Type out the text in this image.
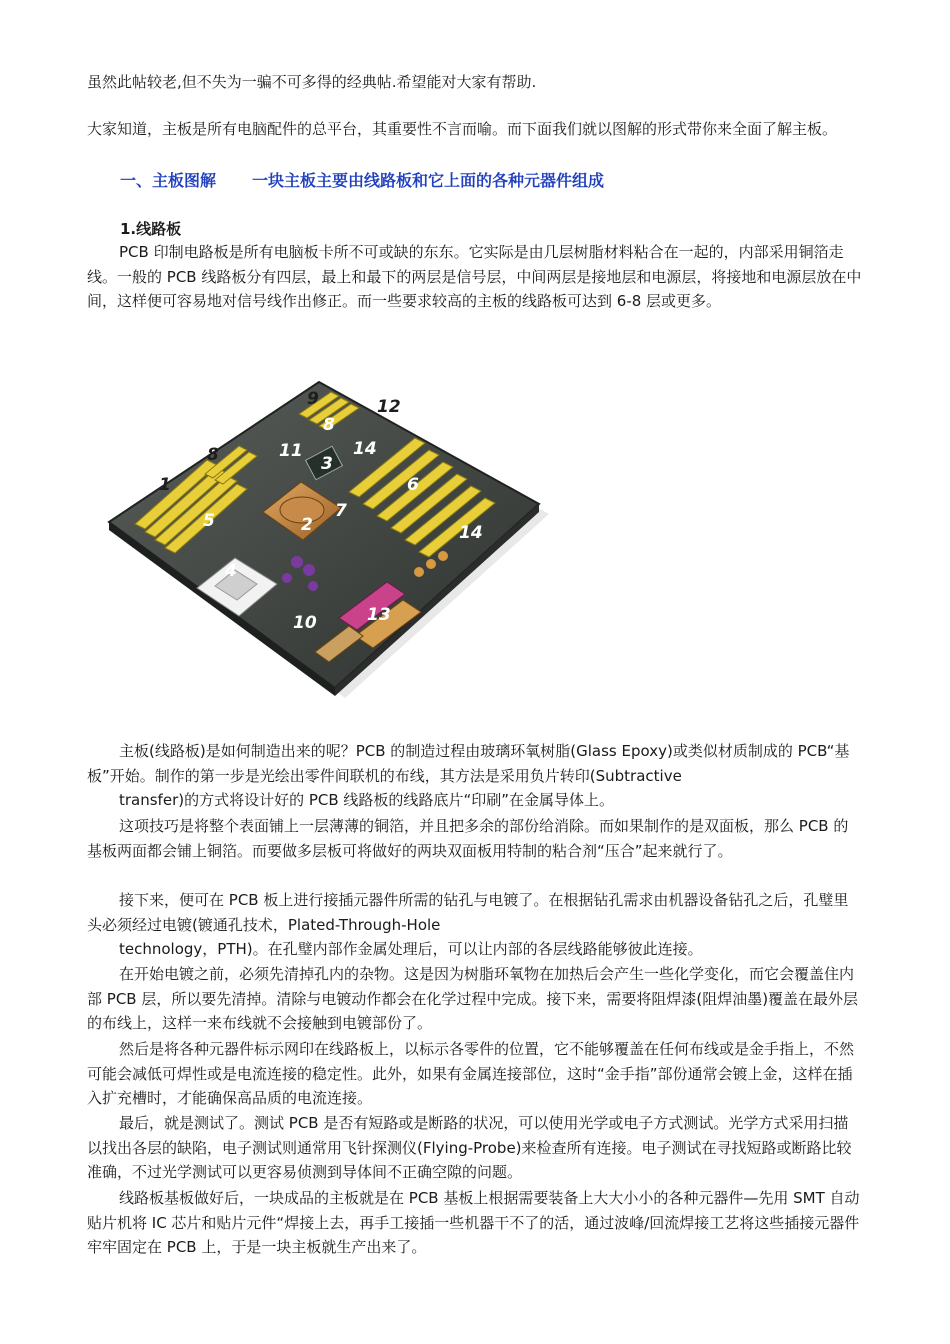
虽然此帖较老,但不失为一骗不可多得的经典帖.希望能对大家有帮助.

大家知道，主板是所有电脑配件的总平台，其重要性不言而喻。而下面我们就以图解的形式带你来全面了解主板。

一、主板图解 一块主板主要由线路板和它上面的各种元器件组成

1.线路板

PCB 印制电路板是所有电脑板卡所不可或缺的东东。它实际是由几层树脂材料粘合在一起的，内部采用铜箔走线。一般的 PCB 线路板分有四层，最上和最下的两层是信号层，中间两层是接地层和电源层，将接地和电源层放在中间，这样便可容易地对信号线作出修正。而一些要求较高的主板的线路板可达到 6-8 层或更多。

1
2
3
4
5
6
7
8
8
9
10
11
12
13
14
14

主板(线路板)是如何制造出来的呢？PCB 的制造过程由玻璃环氧树脂(Glass Epoxy)或类似材质制成的 PCB“基板”开始。制作的第一步是光绘出零件间联机的布线，其方法是采用负片转印(Subtractive
transfer)的方式将设计好的 PCB 线路板的线路底片“印刷”在金属导体上。

这项技巧是将整个表面铺上一层薄薄的铜箔，并且把多余的部份给消除。而如果制作的是双面板，那么 PCB 的基板两面都会铺上铜箔。而要做多层板可将做好的两块双面板用特制的粘合剂“压合”起来就行了。

接下来，便可在 PCB 板上进行接插元器件所需的钻孔与电镀了。在根据钻孔需求由机器设备钻孔之后，孔璧里头必须经过电镀(镀通孔技术，Plated-Through-Hole
technology，PTH)。在孔璧内部作金属处理后，可以让内部的各层线路能够彼此连接。

在开始电镀之前，必须先清掉孔内的杂物。这是因为树脂环氧物在加热后会产生一些化学变化，而它会覆盖住内部 PCB 层，所以要先清掉。清除与电镀动作都会在化学过程中完成。接下来，需要将阻焊漆(阻焊油墨)覆盖在最外层的布线上，这样一来布线就不会接触到电镀部份了。

然后是将各种元器件标示网印在线路板上，以标示各零件的位置，它不能够覆盖在任何布线或是金手指上，不然可能会减低可焊性或是电流连接的稳定性。此外，如果有金属连接部位，这时“金手指”部份通常会镀上金，这样在插入扩充槽时，才能确保高品质的电流连接。

最后，就是测试了。测试 PCB 是否有短路或是断路的状况，可以使用光学或电子方式测试。光学方式采用扫描以找出各层的缺陷，电子测试则通常用飞针探测仪(Flying-Probe)来检查所有连接。电子测试在寻找短路或断路比较准确，不过光学测试可以更容易侦测到导体间不正确空隙的问题。

线路板基板做好后，一块成品的主板就是在 PCB 基板上根据需要装备上大大小小的各种元器件—先用 SMT 自动贴片机将 IC 芯片和贴片元件“焊接上去，再手工接插一些机器干不了的活，通过波峰/回流焊接工艺将这些插接元器件牢牢固定在 PCB 上，于是一块主板就生产出来了。
